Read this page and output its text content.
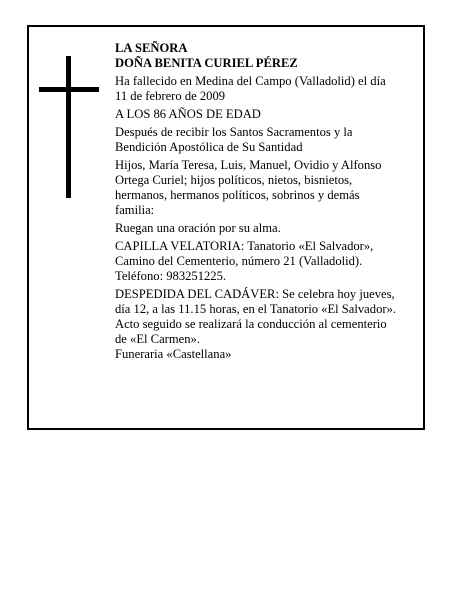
LA SEÑORA

DOÑA BENITA CURIEL PÉREZ

Ha fallecido en Medina del Campo (Valladolid) el día

11 de febrero de 2009

A LOS 86 AÑOS DE EDAD

Después de recibir los Santos Sacramentos y la

Bendición Apostólica de Su Santidad

Hijos, María Teresa, Luis, Manuel, Ovidio y Alfonso

Ortega Curiel; hijos políticos, nietos, bisnietos,

hermanos, hermanos políticos, sobrinos y demás

familia:

Ruegan una oración por su alma.

CAPILLA VELATORIA: Tanatorio «El Salvador»,

Camino del Cementerio, número 21 (Valladolid).

Teléfono: 983251225.

DESPEDIDA DEL CADÁVER: Se celebra hoy jueves,

día 12, a las 11.15 horas, en el Tanatorio «El Salvador».

Acto seguido se realizará la conducción al cementerio

de «El Carmen».

Funeraria «Castellana»
